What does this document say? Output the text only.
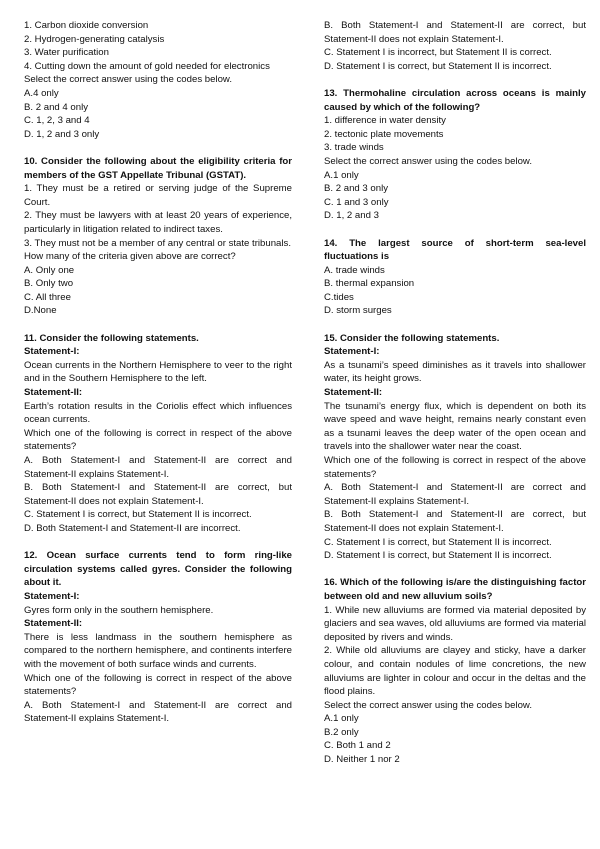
1. Carbon dioxide conversion
2. Hydrogen-generating catalysis
3. Water purification
4. Cutting down the amount of gold needed for electronics
Select the correct answer using the codes below.
A.4 only
B. 2 and 4 only
C. 1, 2, 3 and 4
D. 1, 2 and 3 only
10. Consider the following about the eligibility criteria for members of the GST Appellate Tribunal (GSTAT).
1. They must be a retired or serving judge of the Supreme Court.
2. They must be lawyers with at least 20 years of experience, particularly in litigation related to indirect taxes.
3. They must not be a member of any central or state tribunals.
How many of the criteria given above are correct?
A. Only one
B. Only two
C. All three
D.None
11. Consider the following statements.
Statement-I:
Ocean currents in the Northern Hemisphere to veer to the right and in the Southern Hemisphere to the left.
Statement-II:
Earth’s rotation results in the Coriolis effect which influences ocean currents.
Which one of the following is correct in respect of the above statements?
A. Both Statement-I and Statement-II are correct and Statement-II explains Statement-I.
B. Both Statement-I and Statement-II are correct, but Statement-II does not explain Statement-I.
C. Statement I is correct, but Statement II is incorrect.
D. Both Statement-I and Statement-II are incorrect.
12. Ocean surface currents tend to form ring-like circulation systems called gyres. Consider the following about it.
Statement-I:
Gyres form only in the southern hemisphere.
Statement-II:
There is less landmass in the southern hemisphere as compared to the northern hemisphere, and continents interfere with the movement of both surface winds and currents.
Which one of the following is correct in respect of the above statements?
A. Both Statement-I and Statement-II are correct and Statement-II explains Statement-I.
B. Both Statement-I and Statement-II are correct, but Statement-II does not explain Statement-I.
C. Statement I is incorrect, but Statement II is correct.
D. Statement I is correct, but Statement II is incorrect.
13. Thermohaline circulation across oceans is mainly caused by which of the following?
1. difference in water density
2. tectonic plate movements
3. trade winds
Select the correct answer using the codes below.
A.1 only
B. 2 and 3 only
C. 1 and 3 only
D. 1, 2 and 3
14. The largest source of short-term sea-level fluctuations is
A. trade winds
B. thermal expansion
C.tides
D. storm surges
15. Consider the following statements.
Statement-I:
As a tsunami’s speed diminishes as it travels into shallower water, its height grows.
Statement-II:
The tsunami’s energy flux, which is dependent on both its wave speed and wave height, remains nearly constant even as a tsunami leaves the deep water of the open ocean and travels into the shallower water near the coast.
Which one of the following is correct in respect of the above statements?
A. Both Statement-I and Statement-II are correct and Statement-II explains Statement-I.
B. Both Statement-I and Statement-II are correct, but Statement-II does not explain Statement-I.
C. Statement I is correct, but Statement II is incorrect.
D. Statement I is correct, but Statement II is incorrect.
16. Which of the following is/are the distinguishing factor between old and new alluvium soils?
1. While new alluviums are formed via material deposited by glaciers and sea waves, old alluviums are formed via material deposited by rivers and winds.
2. While old alluviums are clayey and sticky, have a darker colour, and contain nodules of lime concretions, the new alluviums are lighter in colour and occur in the deltas and the flood plains.
Select the correct answer using the codes below.
A.1 only
B.2 only
C. Both 1 and 2
D. Neither 1 nor 2
